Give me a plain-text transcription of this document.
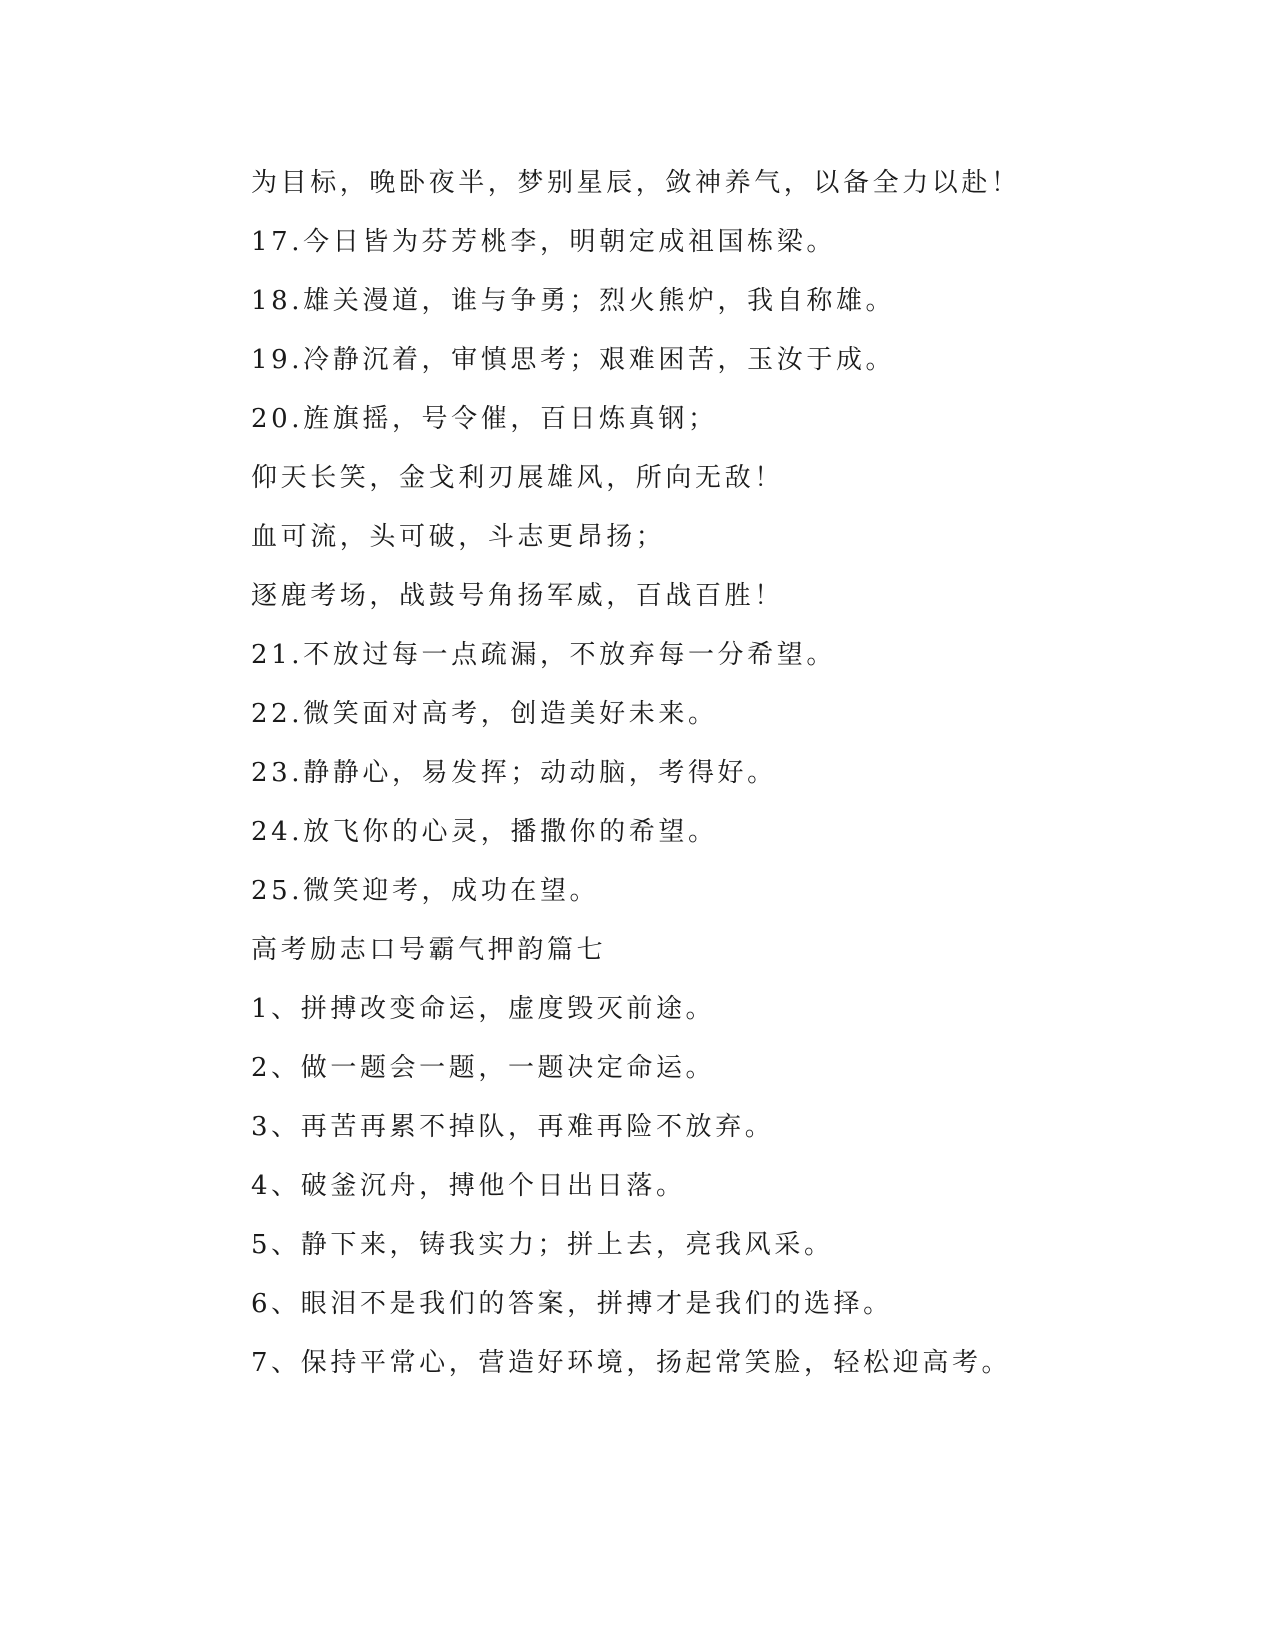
为目标，晚卧夜半，梦别星辰，敛神养气，以备全力以赴！
17.今日皆为芬芳桃李，明朝定成祖国栋梁。
18.雄关漫道，谁与争勇；烈火熊炉，我自称雄。
19.冷静沉着，审慎思考；艰难困苦，玉汝于成。
20.旌旗摇，号令催，百日炼真钢；
仰天长笑，金戈利刃展雄风，所向无敌！
血可流，头可破，斗志更昂扬；
逐鹿考场，战鼓号角扬军威，百战百胜！
21.不放过每一点疏漏，不放弃每一分希望。
22.微笑面对高考，创造美好未来。
23.静静心，易发挥；动动脑，考得好。
24.放飞你的心灵，播撒你的希望。
25.微笑迎考，成功在望。
高考励志口号霸气押韵篇七
1、拼搏改变命运，虚度毁灭前途。
2、做一题会一题，一题决定命运。
3、再苦再累不掉队，再难再险不放弃。
4、破釜沉舟，搏他个日出日落。
5、静下来，铸我实力；拼上去，亮我风采。
6、眼泪不是我们的答案，拼搏才是我们的选择。
7、保持平常心，营造好环境，扬起常笑脸，轻松迎高考。
